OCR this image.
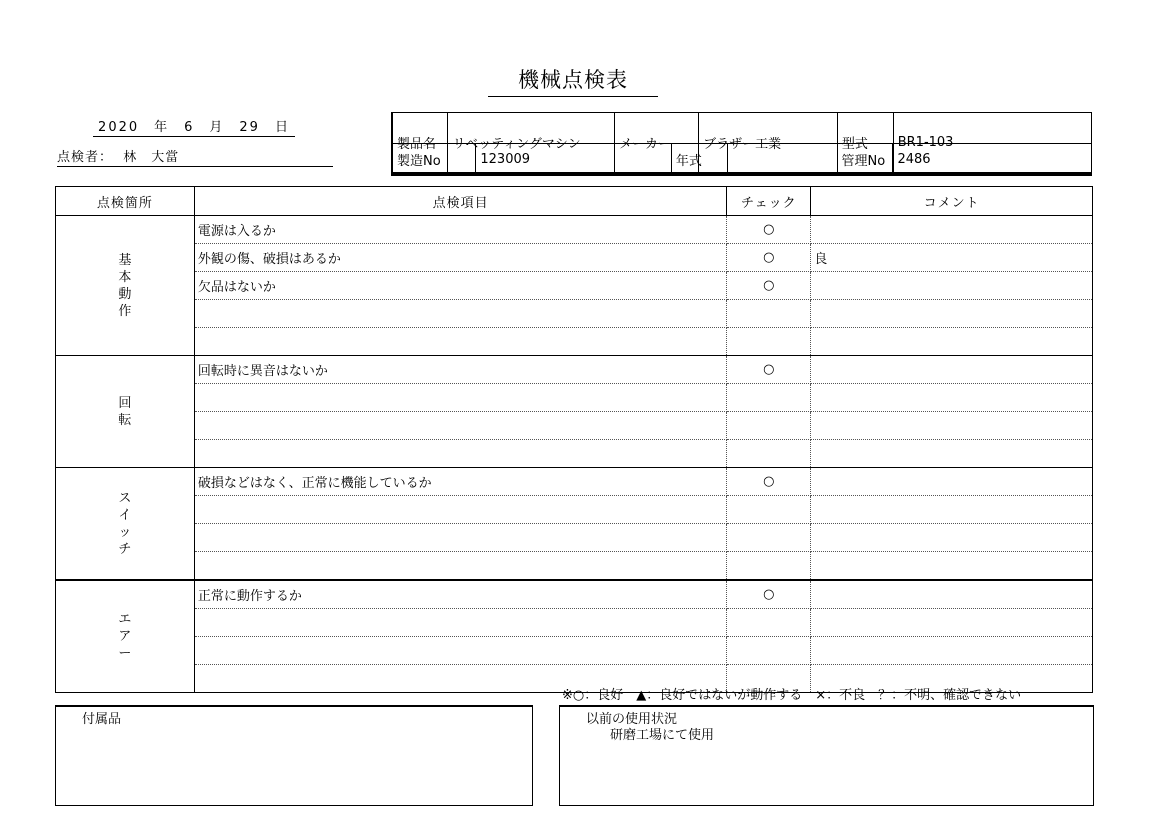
機械点検表
2020　年　6　月　29　日
点検者： 林　大當
製品名	リベッティングマシン	メーカー	ブラザー工業	型式	BR1-103
製造No	123009	年式		管理No	2486
点検箇所	点検項目	チェック	コメント
基本動作	電源は入るか	○	
	外観の傷、破損はあるか	○	良
	欠品はないか	○	

回転	回転時に異音はないか	○	

スイッチ	破損などはなく、正常に機能しているか	○	

エアー	正常に動作するか	○	

※○：良好　▲：良好ではないが動作する　×：不良　？：不明、確認できない
付属品	以前の使用状況
研磨工場にて使用
